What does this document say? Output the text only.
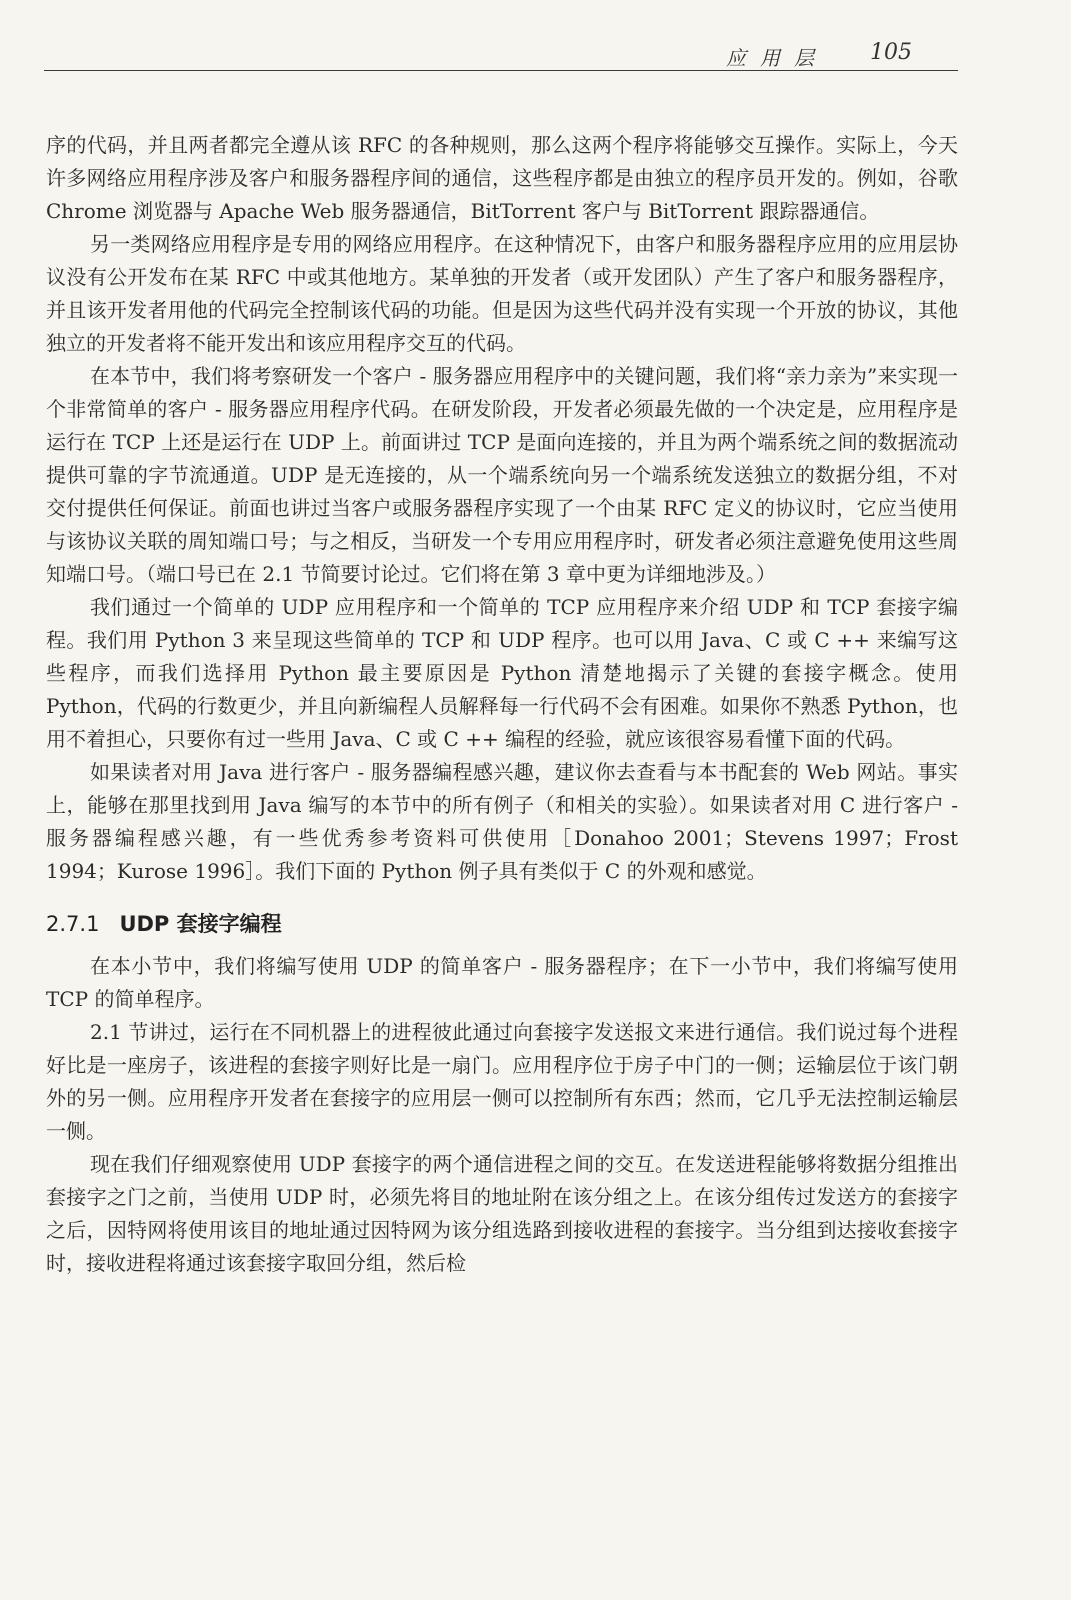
应用层 105

序的代码，并且两者都完全遵从该 RFC 的各种规则，那么这两个程序将能够交互操作。实际上，今天许多网络应用程序涉及客户和服务器程序间的通信，这些程序都是由独立的程序员开发的。例如，谷歌 Chrome 浏览器与 Apache Web 服务器通信，BitTorrent 客户与 BitTorrent 跟踪器通信。

另一类网络应用程序是专用的网络应用程序。在这种情况下，由客户和服务器程序应用的应用层协议没有公开发布在某 RFC 中或其他地方。某单独的开发者（或开发团队）产生了客户和服务器程序，并且该开发者用他的代码完全控制该代码的功能。但是因为这些代码并没有实现一个开放的协议，其他独立的开发者将不能开发出和该应用程序交互的代码。

在本节中，我们将考察研发一个客户 - 服务器应用程序中的关键问题，我们将“亲力亲为”来实现一个非常简单的客户 - 服务器应用程序代码。在研发阶段，开发者必须最先做的一个决定是，应用程序是运行在 TCP 上还是运行在 UDP 上。前面讲过 TCP 是面向连接的，并且为两个端系统之间的数据流动提供可靠的字节流通道。UDP 是无连接的，从一个端系统向另一个端系统发送独立的数据分组，不对交付提供任何保证。前面也讲过当客户或服务器程序实现了一个由某 RFC 定义的协议时，它应当使用与该协议关联的周知端口号；与之相反，当研发一个专用应用程序时，研发者必须注意避免使用这些周知端口号。（端口号已在 2.1 节简要讨论过。它们将在第 3 章中更为详细地涉及。）

我们通过一个简单的 UDP 应用程序和一个简单的 TCP 应用程序来介绍 UDP 和 TCP 套接字编程。我们用 Python 3 来呈现这些简单的 TCP 和 UDP 程序。也可以用 Java、C 或 C ++ 来编写这些程序，而我们选择用 Python 最主要原因是 Python 清楚地揭示了关键的套接字概念。使用 Python，代码的行数更少，并且向新编程人员解释每一行代码不会有困难。如果你不熟悉 Python，也用不着担心，只要你有过一些用 Java、C 或 C ++ 编程的经验，就应该很容易看懂下面的代码。

如果读者对用 Java 进行客户 - 服务器编程感兴趣，建议你去查看与本书配套的 Web 网站。事实上，能够在那里找到用 Java 编写的本节中的所有例子（和相关的实验）。如果读者对用 C 进行客户 - 服务器编程感兴趣，有一些优秀参考资料可供使用［Donahoo 2001；Stevens 1997；Frost 1994；Kurose 1996］。我们下面的 Python 例子具有类似于 C 的外观和感觉。

2.7.1 UDP 套接字编程

在本小节中，我们将编写使用 UDP 的简单客户 - 服务器程序；在下一小节中，我们将编写使用 TCP 的简单程序。

2.1 节讲过，运行在不同机器上的进程彼此通过向套接字发送报文来进行通信。我们说过每个进程好比是一座房子，该进程的套接字则好比是一扇门。应用程序位于房子中门的一侧；运输层位于该门朝外的另一侧。应用程序开发者在套接字的应用层一侧可以控制所有东西；然而，它几乎无法控制运输层一侧。

现在我们仔细观察使用 UDP 套接字的两个通信进程之间的交互。在发送进程能够将数据分组推出套接字之门之前，当使用 UDP 时，必须先将目的地址附在该分组之上。在该分组传过发送方的套接字之后，因特网将使用该目的地址通过因特网为该分组选路到接收进程的套接字。当分组到达接收套接字时，接收进程将通过该套接字取回分组，然后检
